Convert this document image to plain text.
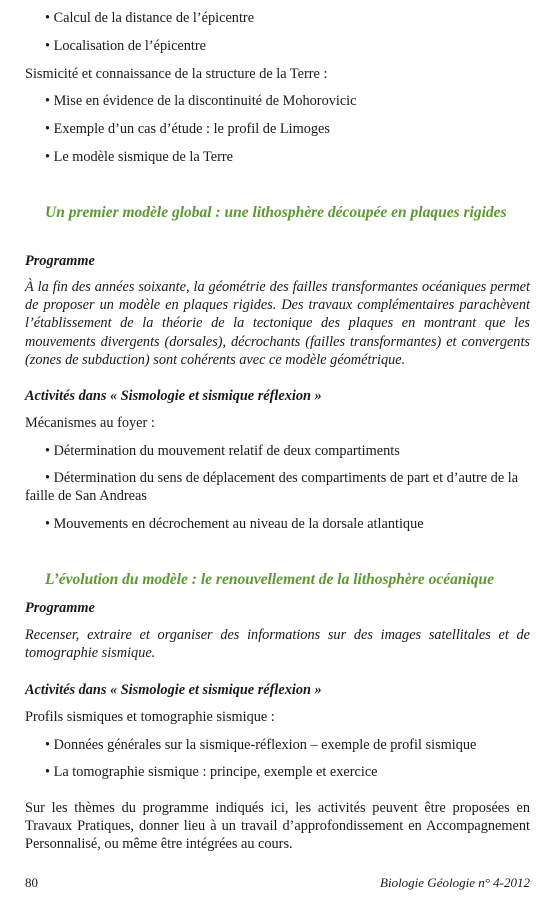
• Calcul de la distance de l’épicentre

• Localisation de l’épicentre

Sismicité et connaissance de la structure de la Terre :

• Mise en évidence de la discontinuité de Mohorovicic

• Exemple d’un cas d’étude : le profil de Limoges

• Le modèle sismique de la Terre

Un premier modèle global : une lithosphère découpée en plaques rigides

Programme

À la fin des années soixante, la géométrie des failles transformantes océaniques permet de proposer un modèle en plaques rigides. Des travaux complémentaires parachèvent l’établissement de la théorie de la tectonique des plaques en montrant que les mouvements divergents (dorsales), décrochants (failles transformantes) et convergents (zones de subduction) sont cohérents avec ce modèle géométrique.

Activités dans « Sismologie et sismique réflexion »

Mécanismes au foyer :

• Détermination du mouvement relatif de deux compartiments

• Détermination du sens de déplacement des compartiments de part et d’autre de la faille de San Andreas

• Mouvements en décrochement au niveau de la dorsale atlantique

L’évolution du modèle : le renouvellement de la lithosphère océanique

Programme

Recenser, extraire et organiser des informations sur des images satellitales et de tomographie sismique.

Activités dans « Sismologie et sismique réflexion »

Profils sismiques et tomographie sismique :

• Données générales sur la sismique-réflexion – exemple de profil sismique

• La tomographie sismique : principe, exemple et exercice

Sur les thèmes du programme indiqués ici, les activités peuvent être proposées en Travaux Pratiques, donner lieu à un travail d’approfondissement en Accompagnement Personnalisé, ou même être intégrées au cours.

80	Biologie Géologie n° 4-2012
